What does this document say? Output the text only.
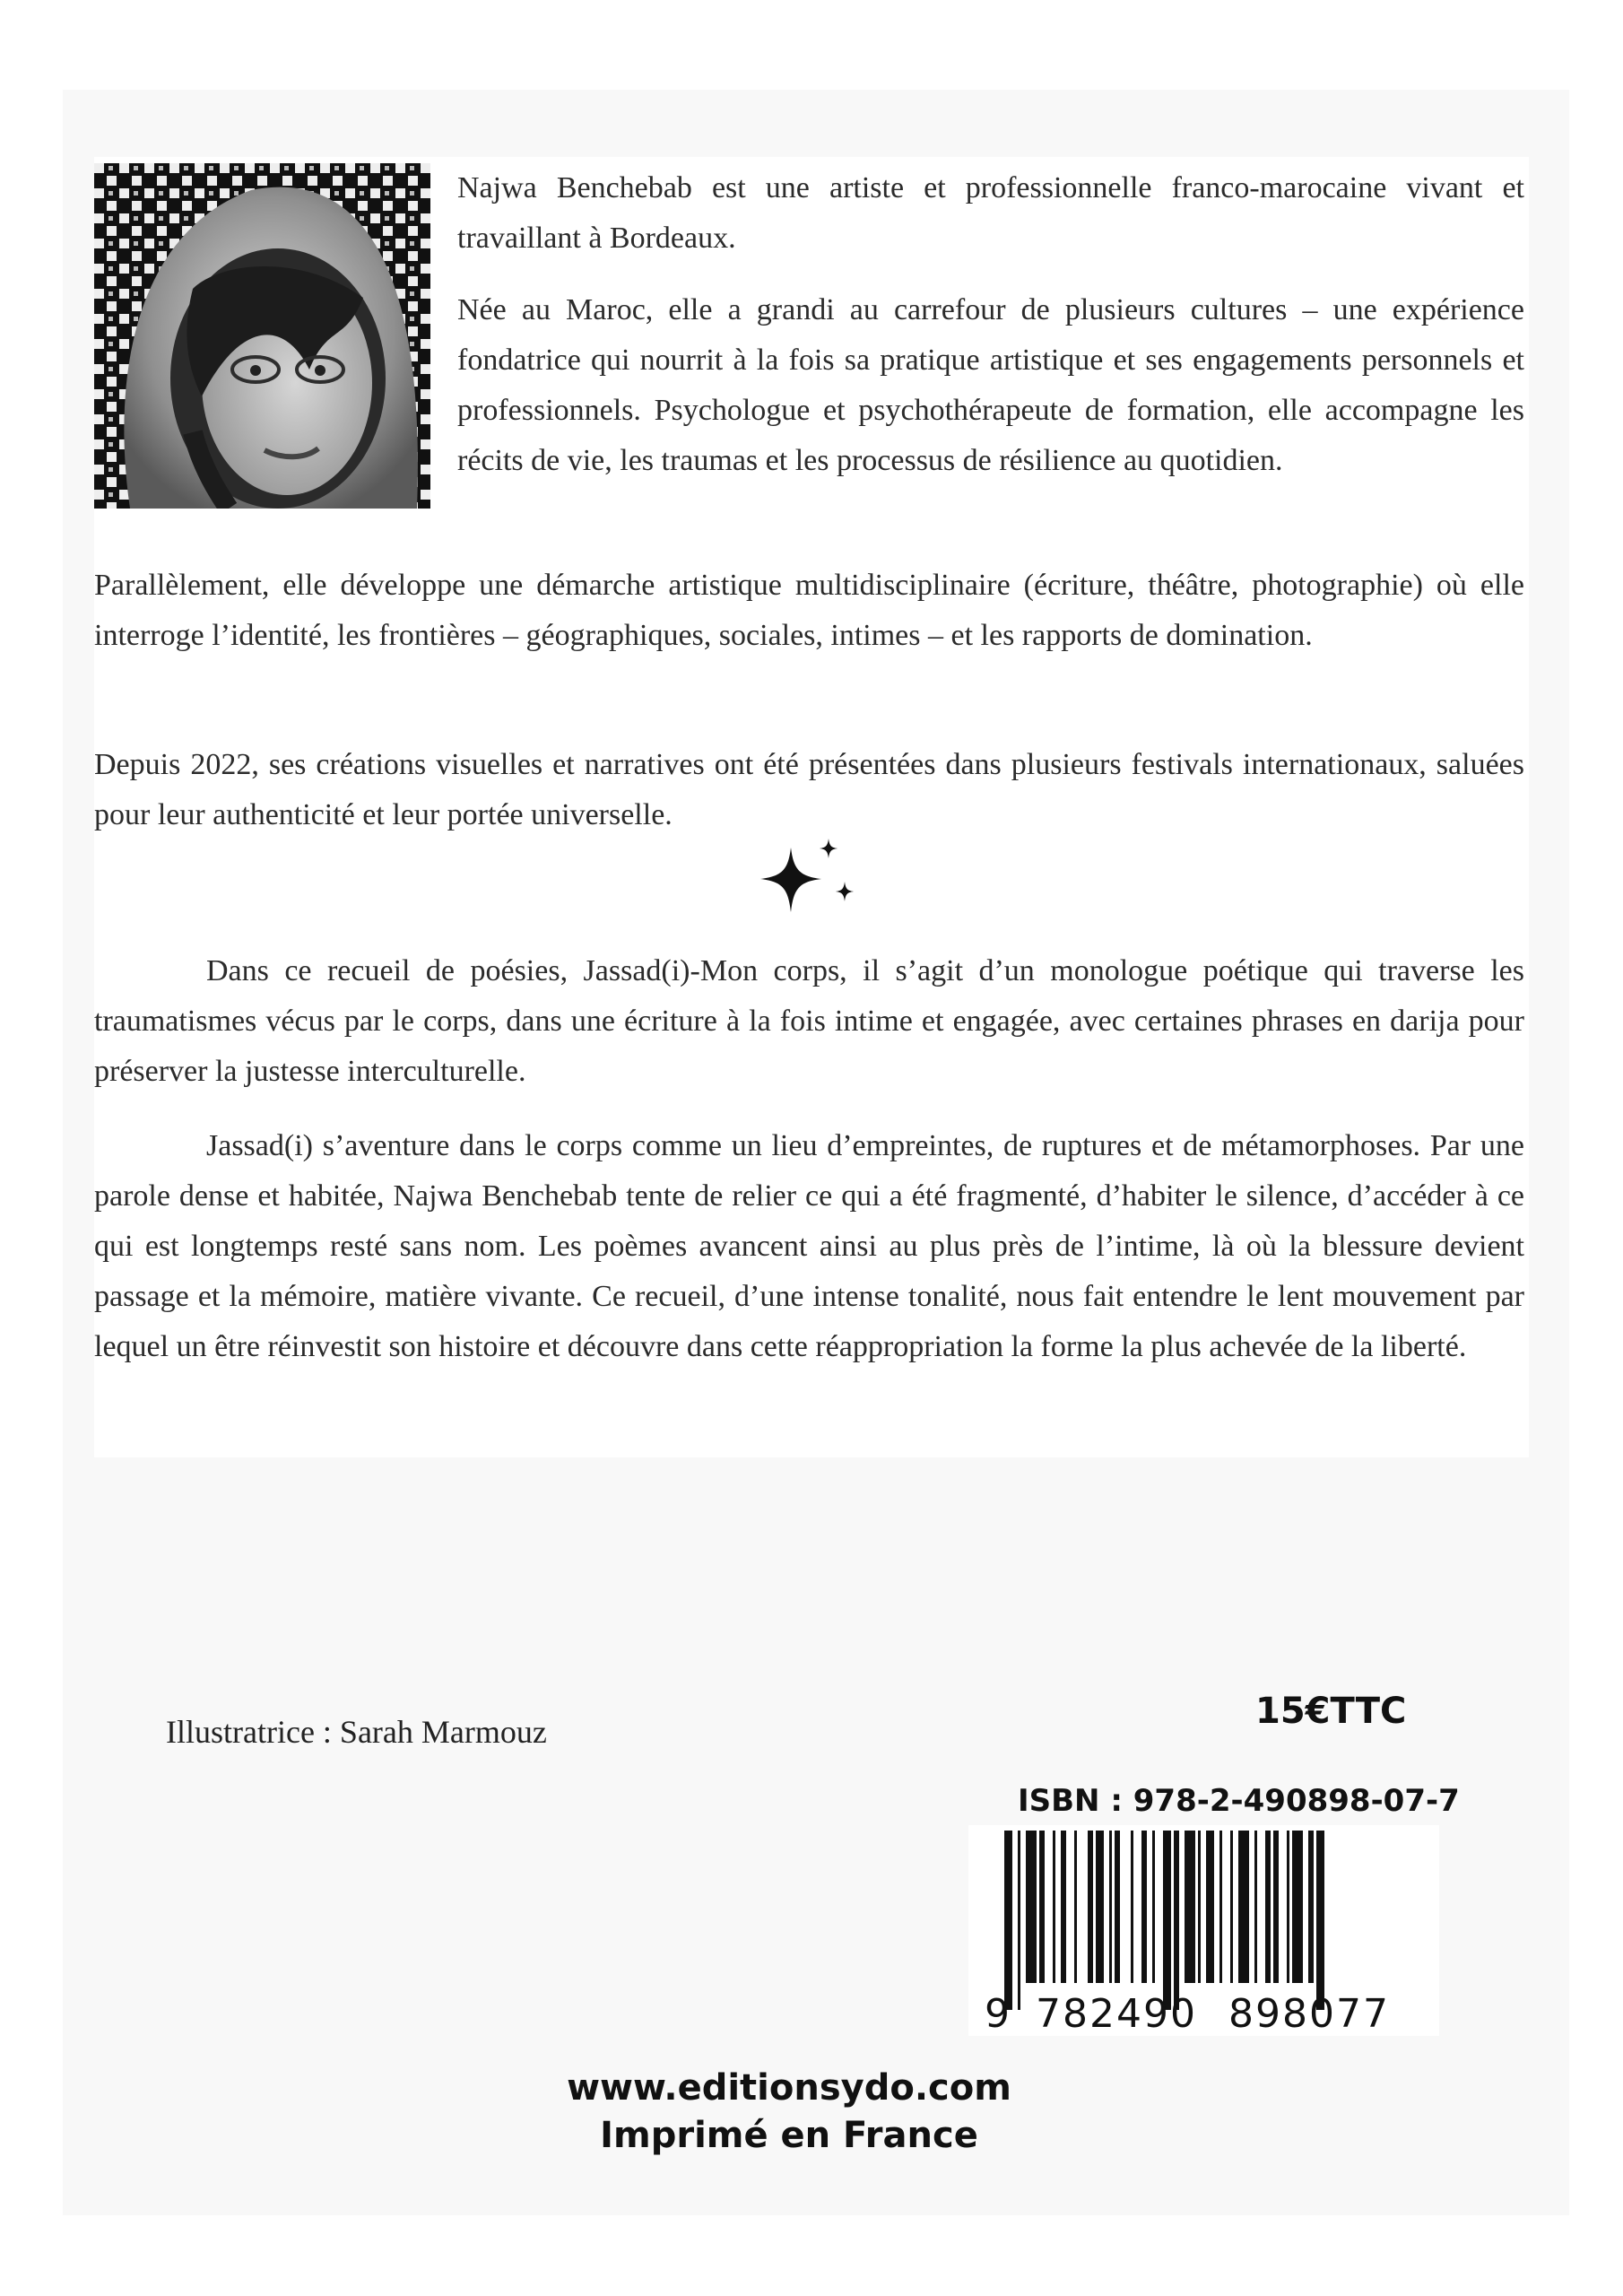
Najwa Benchebab est une artiste et professionnelle franco-marocaine vivant et travaillant à Bordeaux.

Née au Maroc, elle a grandi au carrefour de plusieurs cultures – une expérience fondatrice qui nourrit à la fois sa pratique artistique et ses engagements personnels et professionnels. Psychologue et psychothérapeute de formation, elle accompagne les récits de vie, les traumas et les processus de résilience au quotidien.

Parallèlement, elle développe une démarche artistique multidisciplinaire (écriture, théâtre, photographie) où elle interroge l’identité, les frontières – géographiques, sociales, intimes – et les rapports de domination.

Depuis 2022, ses créations visuelles et narratives ont été présentées dans plusieurs festivals internationaux, saluées pour leur authenticité et leur portée universelle.

Dans ce recueil de poésies, Jassad(i)-Mon corps, il s’agit d’un monologue poétique qui traverse les traumatismes vécus par le corps, dans une écriture à la fois intime et engagée, avec certaines phrases en darija pour préserver la justesse interculturelle.

Jassad(i) s’aventure dans le corps comme un lieu d’empreintes, de ruptures et de métamorphoses. Par une parole dense et habitée, Najwa Benchebab tente de relier ce qui a été fragmenté, d’habiter le silence, d’accéder à ce qui est longtemps resté sans nom. Les poèmes avancent ainsi au plus près de l’intime, là où la blessure devient passage et la mémoire, matière vivante. Ce recueil, d’une intense tonalité, nous fait entendre le lent mouvement par lequel un être réinvestit son histoire et découvre dans cette réappropriation la forme la plus achevée de la liberté.

Illustratrice : Sarah Marmouz	15€TTC
ISBN : 978-2-490898-07-7
9 782490 898077
www.editionsydo.com
Imprimé en France
